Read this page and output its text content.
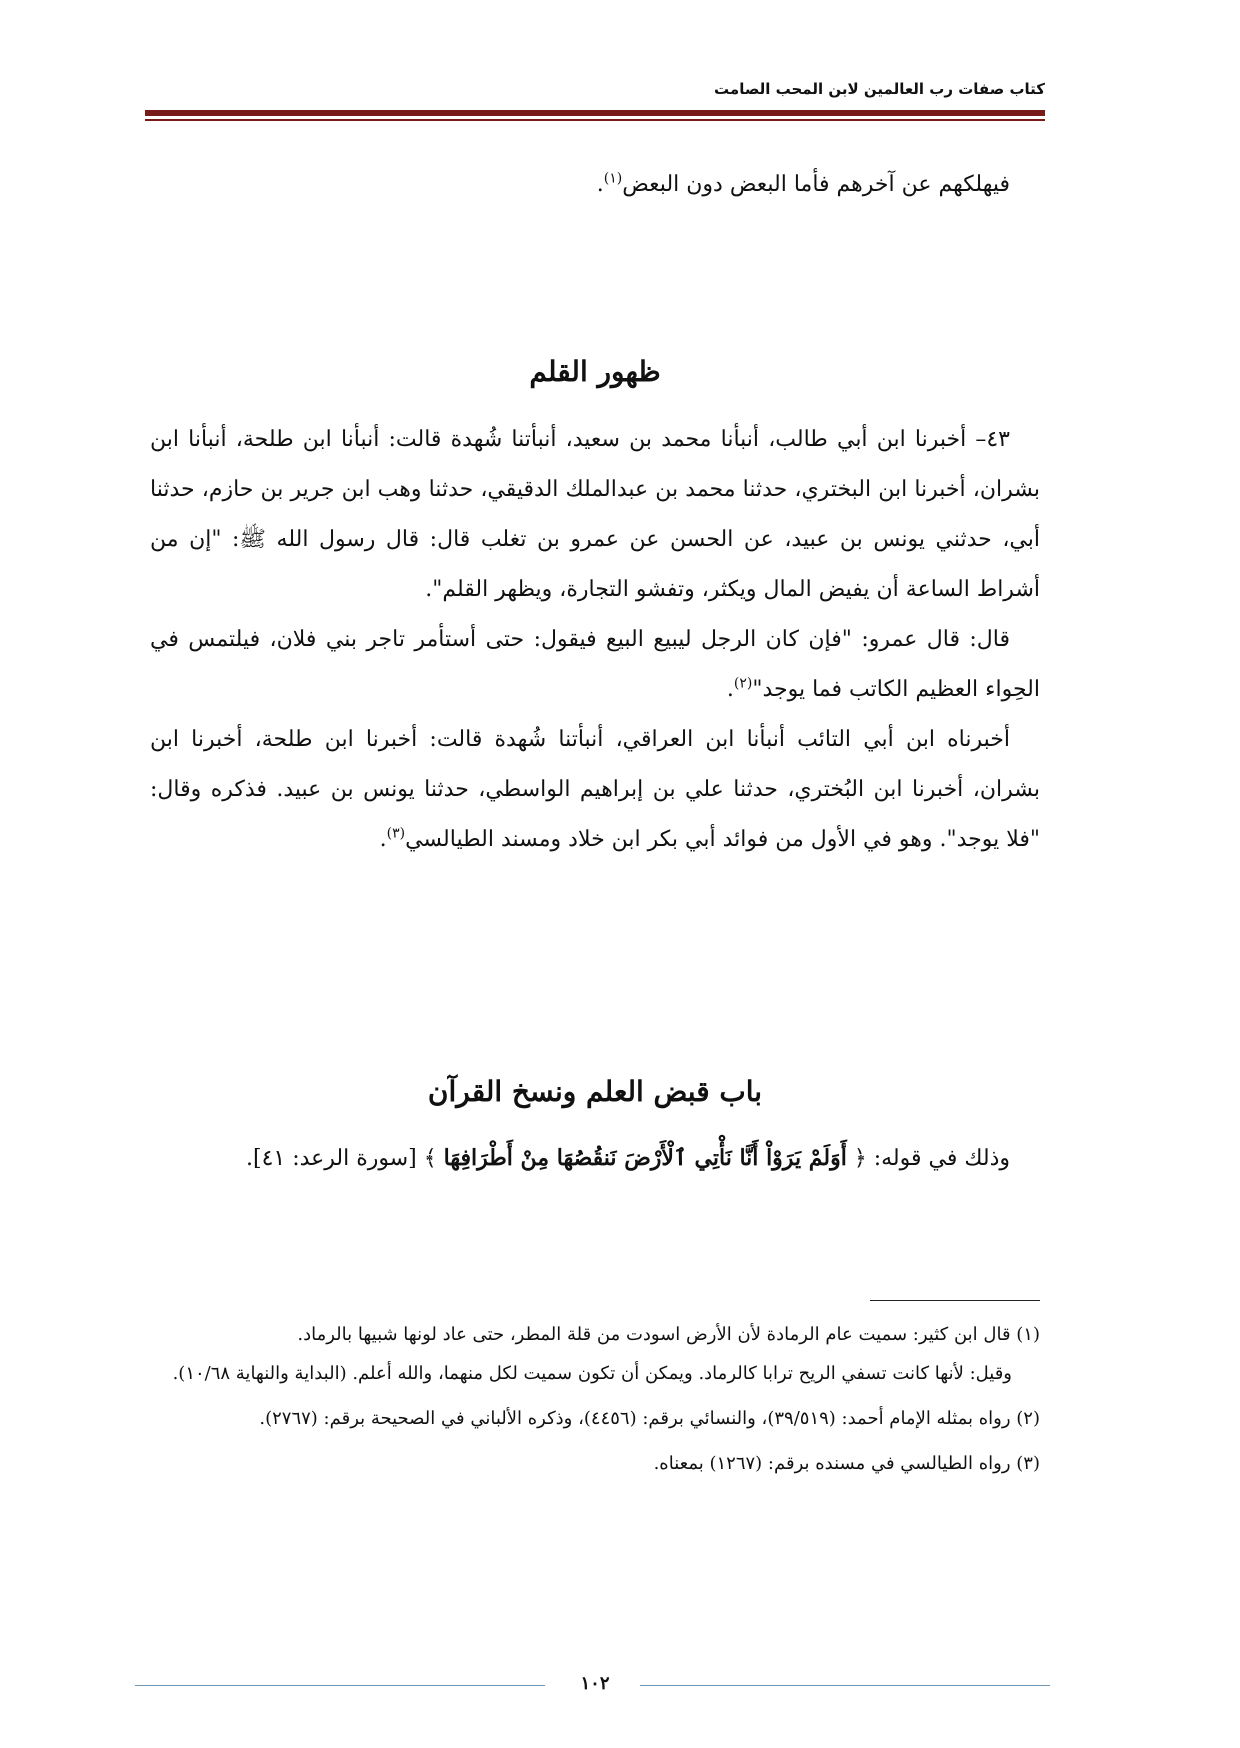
كتاب صفات رب العالمين لابن المحب الصامت

فيهلكهم عن آخرهم فأما البعض دون البعض$^{(١)}$.

ظهور القلم

٤٣– أخبرنا ابن أبي طالب، أنبأنا محمد بن سعيد، أنبأتنا شُهدة قالت: أنبأنا ابن طلحة، أنبأنا ابن بشران، أخبرنا ابن البختري، حدثنا محمد بن عبدالملك الدقيقي، حدثنا وهب ابن جرير بن حازم، حدثنا أبي، حدثني يونس بن عبيد، عن الحسن عن عمرو بن تغلب قال: قال رسول الله ﷺ: "إن من أشراط الساعة أن يفيض المال ويكثر، وتفشو التجارة، ويظهر القلم".

قال: قال عمرو: "فإن كان الرجل ليبيع البيع فيقول: حتى أستأمر تاجر بني فلان، فيلتمس في الحِواء العظيم الكاتب فما يوجد"$^{(٢)}$.

أخبرناه ابن أبي التائب أنبأنا ابن العراقي، أنبأتنا شُهدة قالت: أخبرنا ابن طلحة، أخبرنا ابن بشران، أخبرنا ابن البُختري، حدثنا علي بن إبراهيم الواسطي، حدثنا يونس بن عبيد. فذكره وقال: "فلا يوجد". وهو في الأول من فوائد أبي بكر ابن خلاد ومسند الطيالسي$^{(٣)}$.

باب قبض العلم ونسخ القرآن

وذلك في قوله: ﴿ أَوَلَمْ يَرَوْاْ أَنَّا نَأْتِي ٱلْأَرْضَ نَنقُصُهَا مِنْ أَطْرَافِهَا ﴾ [سورة الرعد: ٤١].

(١) قال ابن كثير: سميت عام الرمادة لأن الأرض اسودت من قلة المطر، حتى عاد لونها شبيها بالرماد.
وقيل: لأنها كانت تسفي الريح ترابا كالرماد. ويمكن أن تكون سميت لكل منهما، والله أعلم. (البداية والنهاية ١٠/٦٨).

(٢) رواه بمثله الإمام أحمد: (٣٩/٥١٩)، والنسائي برقم: (٤٤٥٦)، وذكره الألباني في الصحيحة برقم: (٢٧٦٧).

(٣) رواه الطيالسي في مسنده برقم: (١٢٦٧) بمعناه.

١٠٢
